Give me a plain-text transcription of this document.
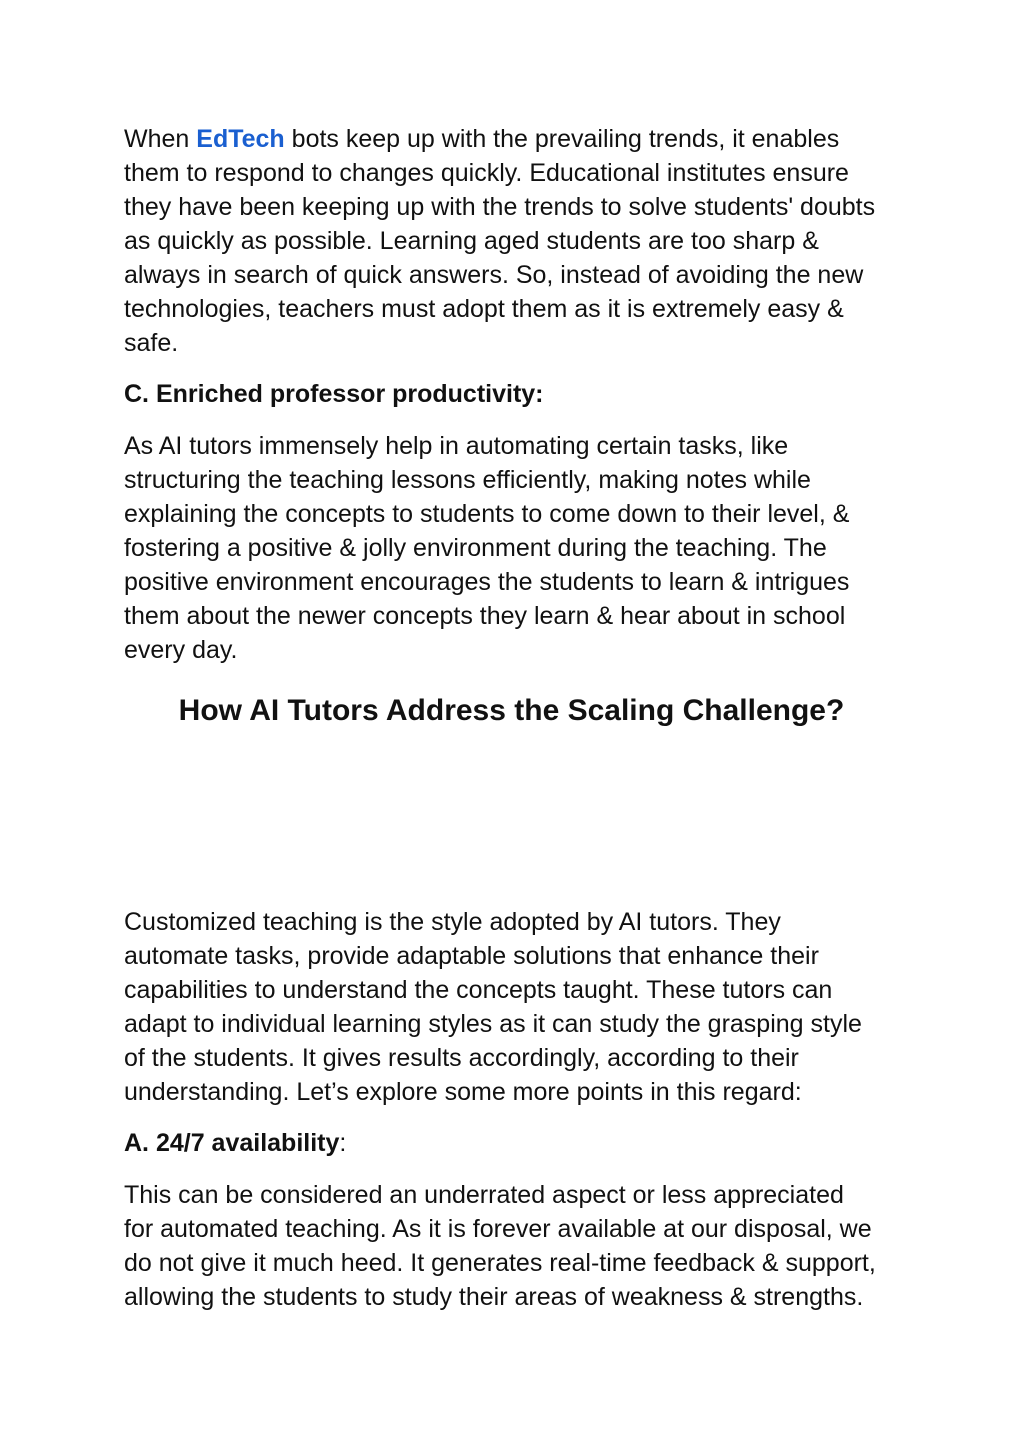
When EdTech bots keep up with the prevailing trends, it enables
them to respond to changes quickly. Educational institutes ensure
they have been keeping up with the trends to solve students' doubts
as quickly as possible. Learning aged students are too sharp &
always in search of quick answers. So, instead of avoiding the new
technologies, teachers must adopt them as it is extremely easy &
safe.
C. Enriched professor productivity:
As AI tutors immensely help in automating certain tasks, like
structuring the teaching lessons efficiently, making notes while
explaining the concepts to students to come down to their level, &
fostering a positive & jolly environment during the teaching. The
positive environment encourages the students to learn & intrigues
them about the newer concepts they learn & hear about in school
every day.
How AI Tutors Address the Scaling Challenge?
Customized teaching is the style adopted by AI tutors. They
automate tasks, provide adaptable solutions that enhance their
capabilities to understand the concepts taught. These tutors can
adapt to individual learning styles as it can study the grasping style
of the students. It gives results accordingly, according to their
understanding. Let’s explore some more points in this regard:
A. 24/7 availability:
This can be considered an underrated aspect or less appreciated
for automated teaching. As it is forever available at our disposal, we
do not give it much heed. It generates real-time feedback & support,
allowing the students to study their areas of weakness & strengths.
